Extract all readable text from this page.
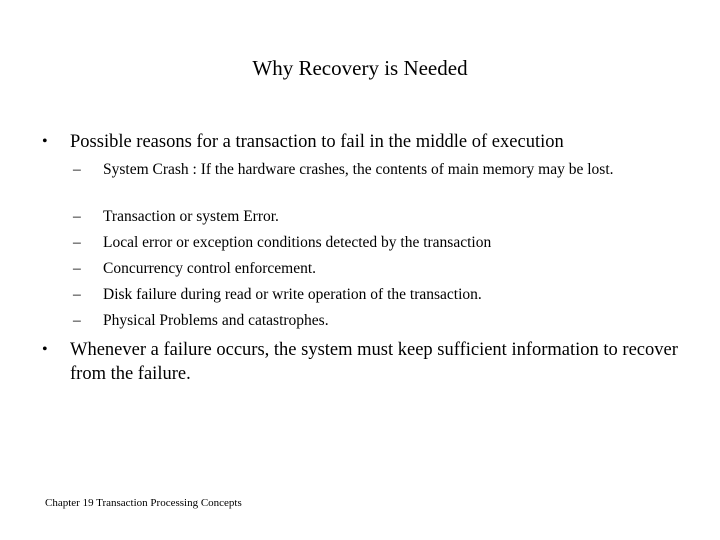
Why Recovery is Needed
• Possible reasons for a transaction to fail in the middle of execution
– System Crash : If the hardware crashes, the contents of main memory may be lost.
– Transaction or system Error.
– Local error or exception conditions detected by the transaction
– Concurrency control enforcement.
– Disk failure during read or write operation of the transaction.
– Physical Problems and catastrophes.
• Whenever a failure occurs, the system must keep sufficient information to recover from the failure.
Chapter 19 Transaction Processing Concepts
